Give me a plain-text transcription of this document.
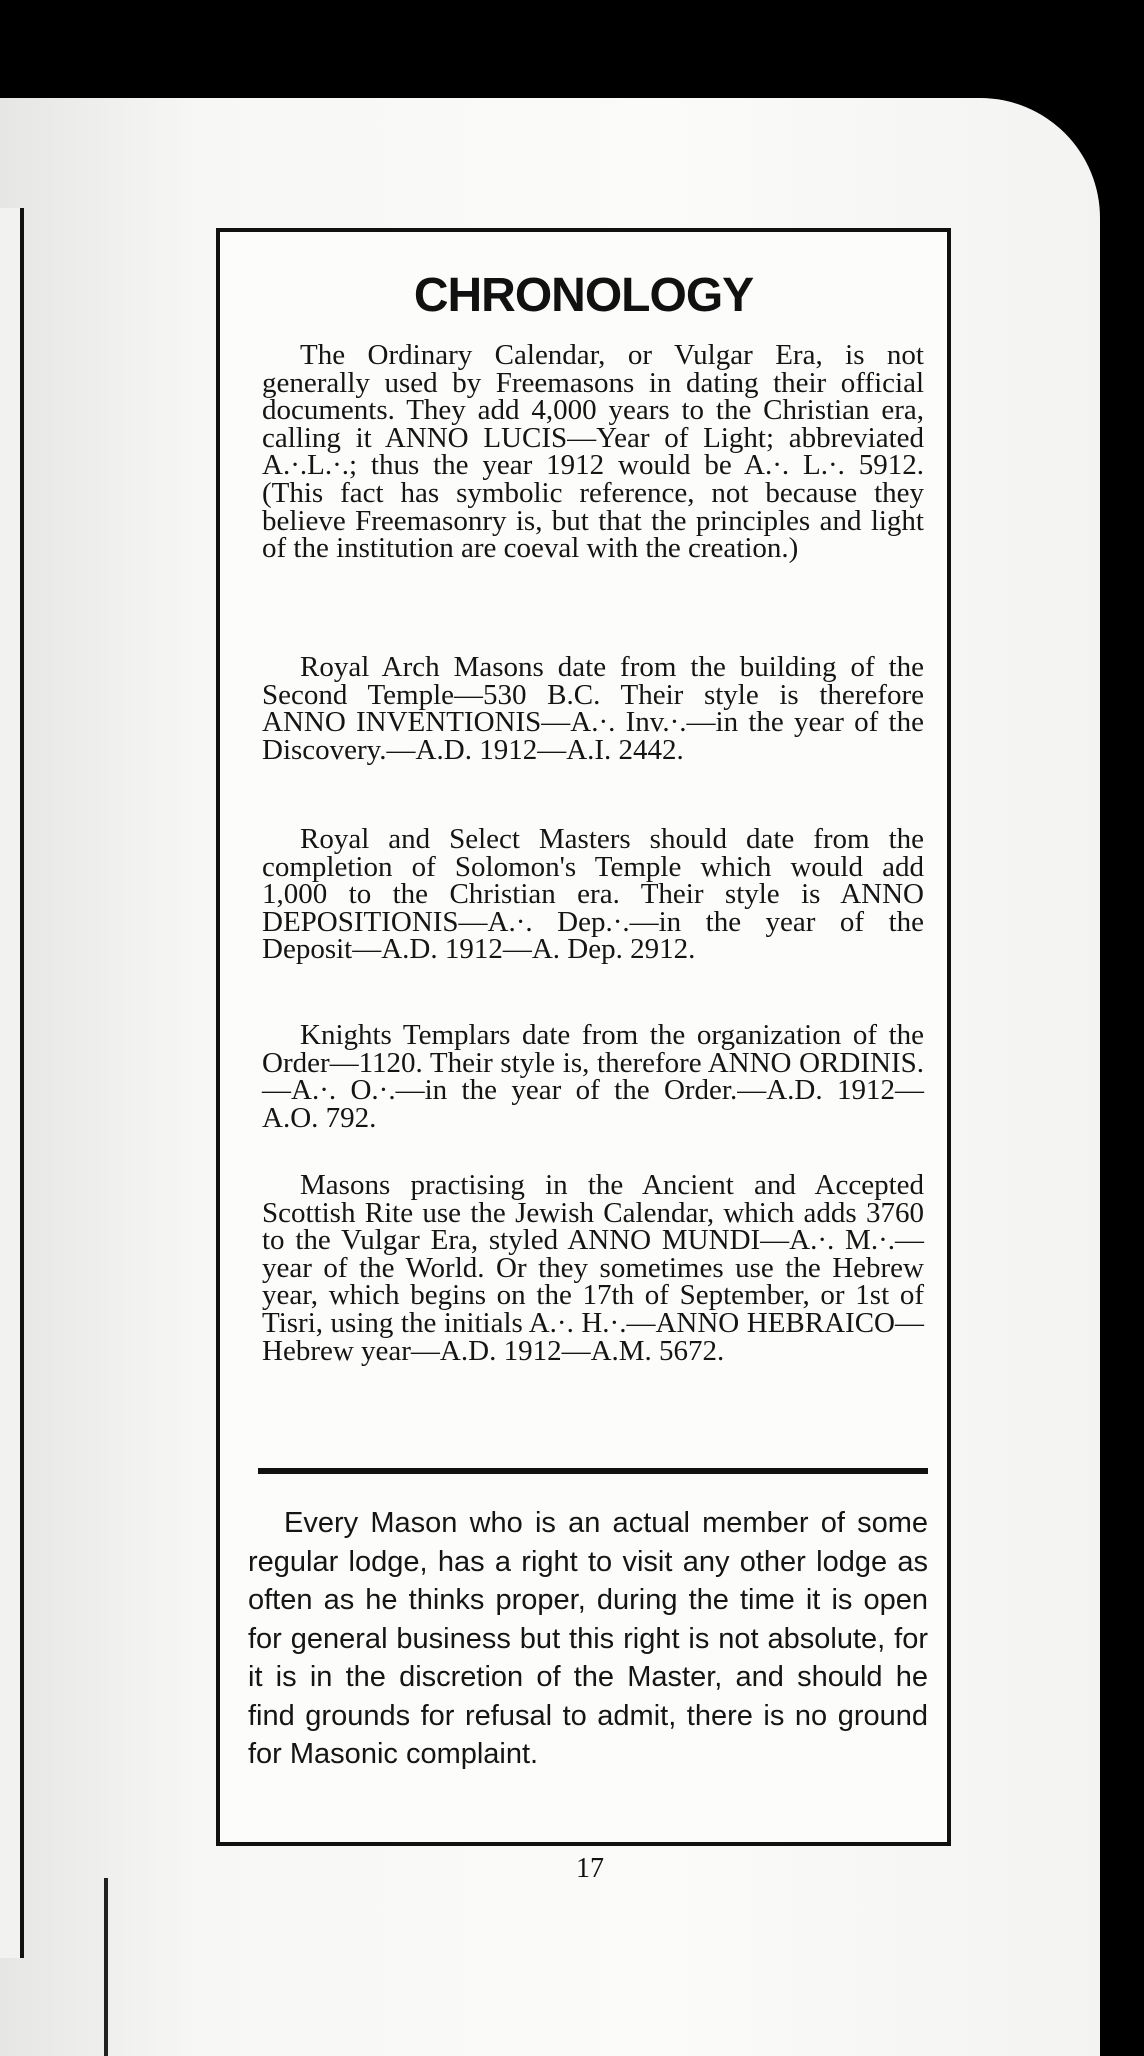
CHRONOLOGY

The Ordinary Calendar, or Vulgar Era, is not generally used by Freemasons in dating their official documents. They add 4,000 years to the Christian era, calling it ANNO LUCIS—Year of Light; abbreviated A.·.L.·.; thus the year 1912 would be A.·. L.·. 5912. (This fact has symbolic reference, not because they believe Freemasonry is, but that the principles and light of the institution are coeval with the creation.)

Royal Arch Masons date from the building of the Second Temple—530 B.C. Their style is therefore ANNO INVENTIONIS—A.·. Inv.·.—in the year of the Discovery.—A.D. 1912—A.I. 2442.

Royal and Select Masters should date from the completion of Solomon's Temple which would add 1,000 to the Christian era. Their style is ANNO DEPOSITIONIS—A.·. Dep.·.—in the year of the Deposit—A.D. 1912—A. Dep. 2912.

Knights Templars date from the organization of the Order—1120. Their style is, therefore ANNO ORDINIS.—A.·. O.·.—in the year of the Order.—A.D. 1912—A.O. 792.

Masons practising in the Ancient and Accepted Scottish Rite use the Jewish Calendar, which adds 3760 to the Vulgar Era, styled ANNO MUNDI—A.·. M.·.—year of the World. Or they sometimes use the Hebrew year, which begins on the 17th of September, or 1st of Tisri, using the initials A.·. H.·.—ANNO HEBRAICO—Hebrew year—A.D. 1912—A.M. 5672.

Every Mason who is an actual member of some regular lodge, has a right to visit any other lodge as often as he thinks proper, during the time it is open for general business but this right is not absolute, for it is in the discretion of the Master, and should he find grounds for refusal to admit, there is no ground for Masonic complaint.

17
